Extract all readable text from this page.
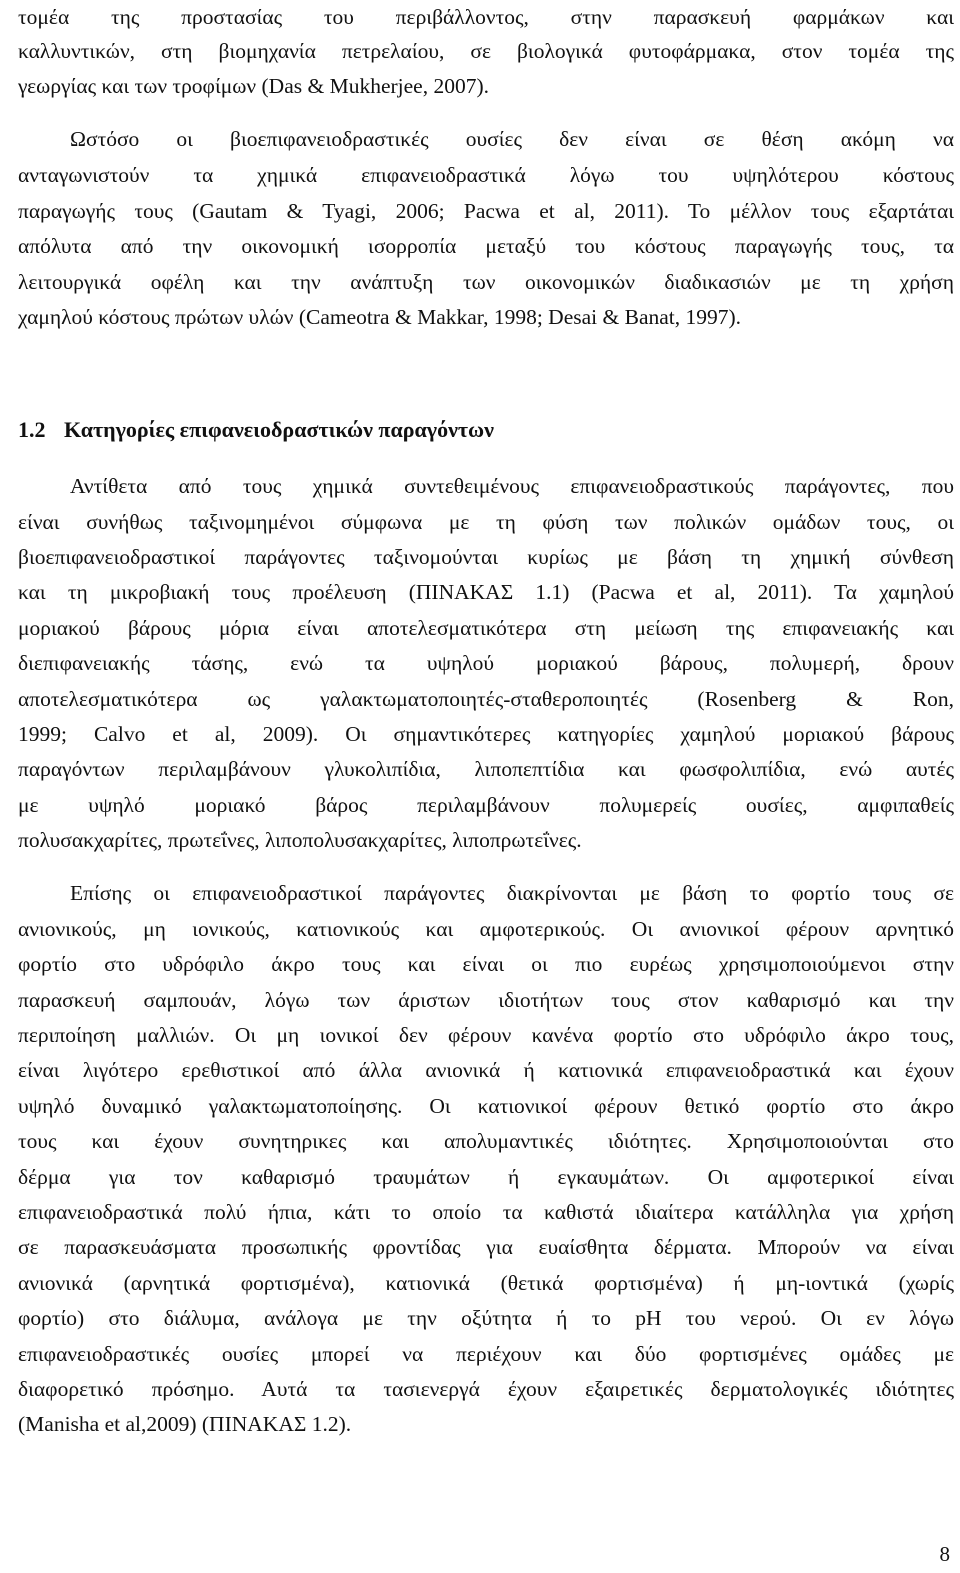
τομέα της προστασίας του περιβάλλοντος, στην παρασκευή φαρμάκων και
καλλυντικών, στη βιομηχανία πετρελαίου, σε βιολογικά φυτοφάρμακα, στον τομέα της
γεωργίας και των τροφίμων (Das & Mukherjee, 2007).
Ωστόσο οι βιοεπιφανειοδραστικές ουσίες δεν είναι σε θέση ακόμη να
ανταγωνιστούν τα χημικά επιφανειοδραστικά λόγω του υψηλότερου κόστους
παραγωγής τους (Gautam & Tyagi, 2006; Pacwa et al, 2011). Το μέλλον τους εξαρτάται
απόλυτα από την οικονομική ισορροπία μεταξύ του κόστους παραγωγής τους, τα
λειτουργικά οφέλη και την ανάπτυξη των οικονομικών διαδικασιών με τη χρήση
χαμηλού κόστους πρώτων υλών (Cameotra & Makkar, 1998; Desai & Banat, 1997).
1.2 Κατηγορίες επιφανειοδραστικών παραγόντων
Αντίθετα από τους χημικά συντεθειμένους επιφανειοδραστικούς παράγοντες, που
είναι συνήθως ταξινομημένοι σύμφωνα με τη φύση των πολικών ομάδων τους, οι
βιοεπιφανειοδραστικοί παράγοντες ταξινομούνται κυρίως με βάση τη χημική σύνθεση
και τη μικροβιακή τους προέλευση (ΠΙΝΑΚΑΣ 1.1) (Pacwa et al, 2011). Τα χαμηλού
μοριακού βάρους μόρια είναι αποτελεσματικότερα στη μείωση της επιφανειακής και
διεπιφανειακής τάσης, ενώ τα υψηλού μοριακού βάρους, πολυμερή, δρουν
αποτελεσματικότερα ως γαλακτωματοποιητές-σταθεροποιητές (Rosenberg & Ron,
1999; Calvo et al, 2009). Οι σημαντικότερες κατηγορίες χαμηλού μοριακού βάρους
παραγόντων περιλαμβάνουν γλυκολιπίδια, λιποπεπτίδια και φωσφολιπίδια, ενώ αυτές
με υψηλό μοριακό βάρος περιλαμβάνουν πολυμερείς ουσίες, αμφιπαθείς
πολυσακχαρίτες, πρωτεΐνες, λιποπολυσακχαρίτες, λιποπρωτεΐνες.
Επίσης οι επιφανειοδραστικοί παράγοντες διακρίνονται με βάση το φορτίο τους σε
ανιονικούς, μη ιονικούς, κατιονικούς και αμφοτερικούς. Οι ανιονικοί φέρουν αρνητικό
φορτίο στο υδρόφιλο άκρο τους και είναι οι πιο ευρέως χρησιμοποιούμενοι στην
παρασκευή σαμπουάν, λόγω των άριστων ιδιοτήτων τους στον καθαρισμό και την
περιποίηση μαλλιών. Οι μη ιονικοί δεν φέρουν κανένα φορτίο στο υδρόφιλο άκρο τους,
είναι λιγότερο ερεθιστικοί από άλλα ανιονικά ή κατιονικά επιφανειοδραστικά και έχουν
υψηλό δυναμικό γαλακτωματοποίησης. Οι κατιονικοί φέρουν θετικό φορτίο στο άκρο
τους και έχουν συνητηρικες και απολυμαντικές ιδιότητες. Χρησιμοποιούνται στο
δέρμα για τον καθαρισμό τραυμάτων ή εγκαυμάτων. Οι αμφοτερικοί είναι
επιφανειοδραστικά πολύ ήπια, κάτι το οποίο τα καθιστά ιδιαίτερα κατάλληλα για χρήση
σε παρασκευάσματα προσωπικής φροντίδας για ευαίσθητα δέρματα. Μπορούν να είναι
ανιονικά (αρνητικά φορτισμένα), κατιονικά (θετικά φορτισμένα) ή μη-ιοντικά (χωρίς
φορτίο) στο διάλυμα, ανάλογα με την οξύτητα ή το pH του νερού. Οι εν λόγω
επιφανειοδραστικές ουσίες μπορεί να περιέχουν και δύο φορτισμένες ομάδες με
διαφορετικό πρόσημο. Αυτά τα τασιενεργά έχουν εξαιρετικές δερματολογικές ιδιότητες
(Manisha et al,2009) (ΠΙΝΑΚΑΣ 1.2).
8
